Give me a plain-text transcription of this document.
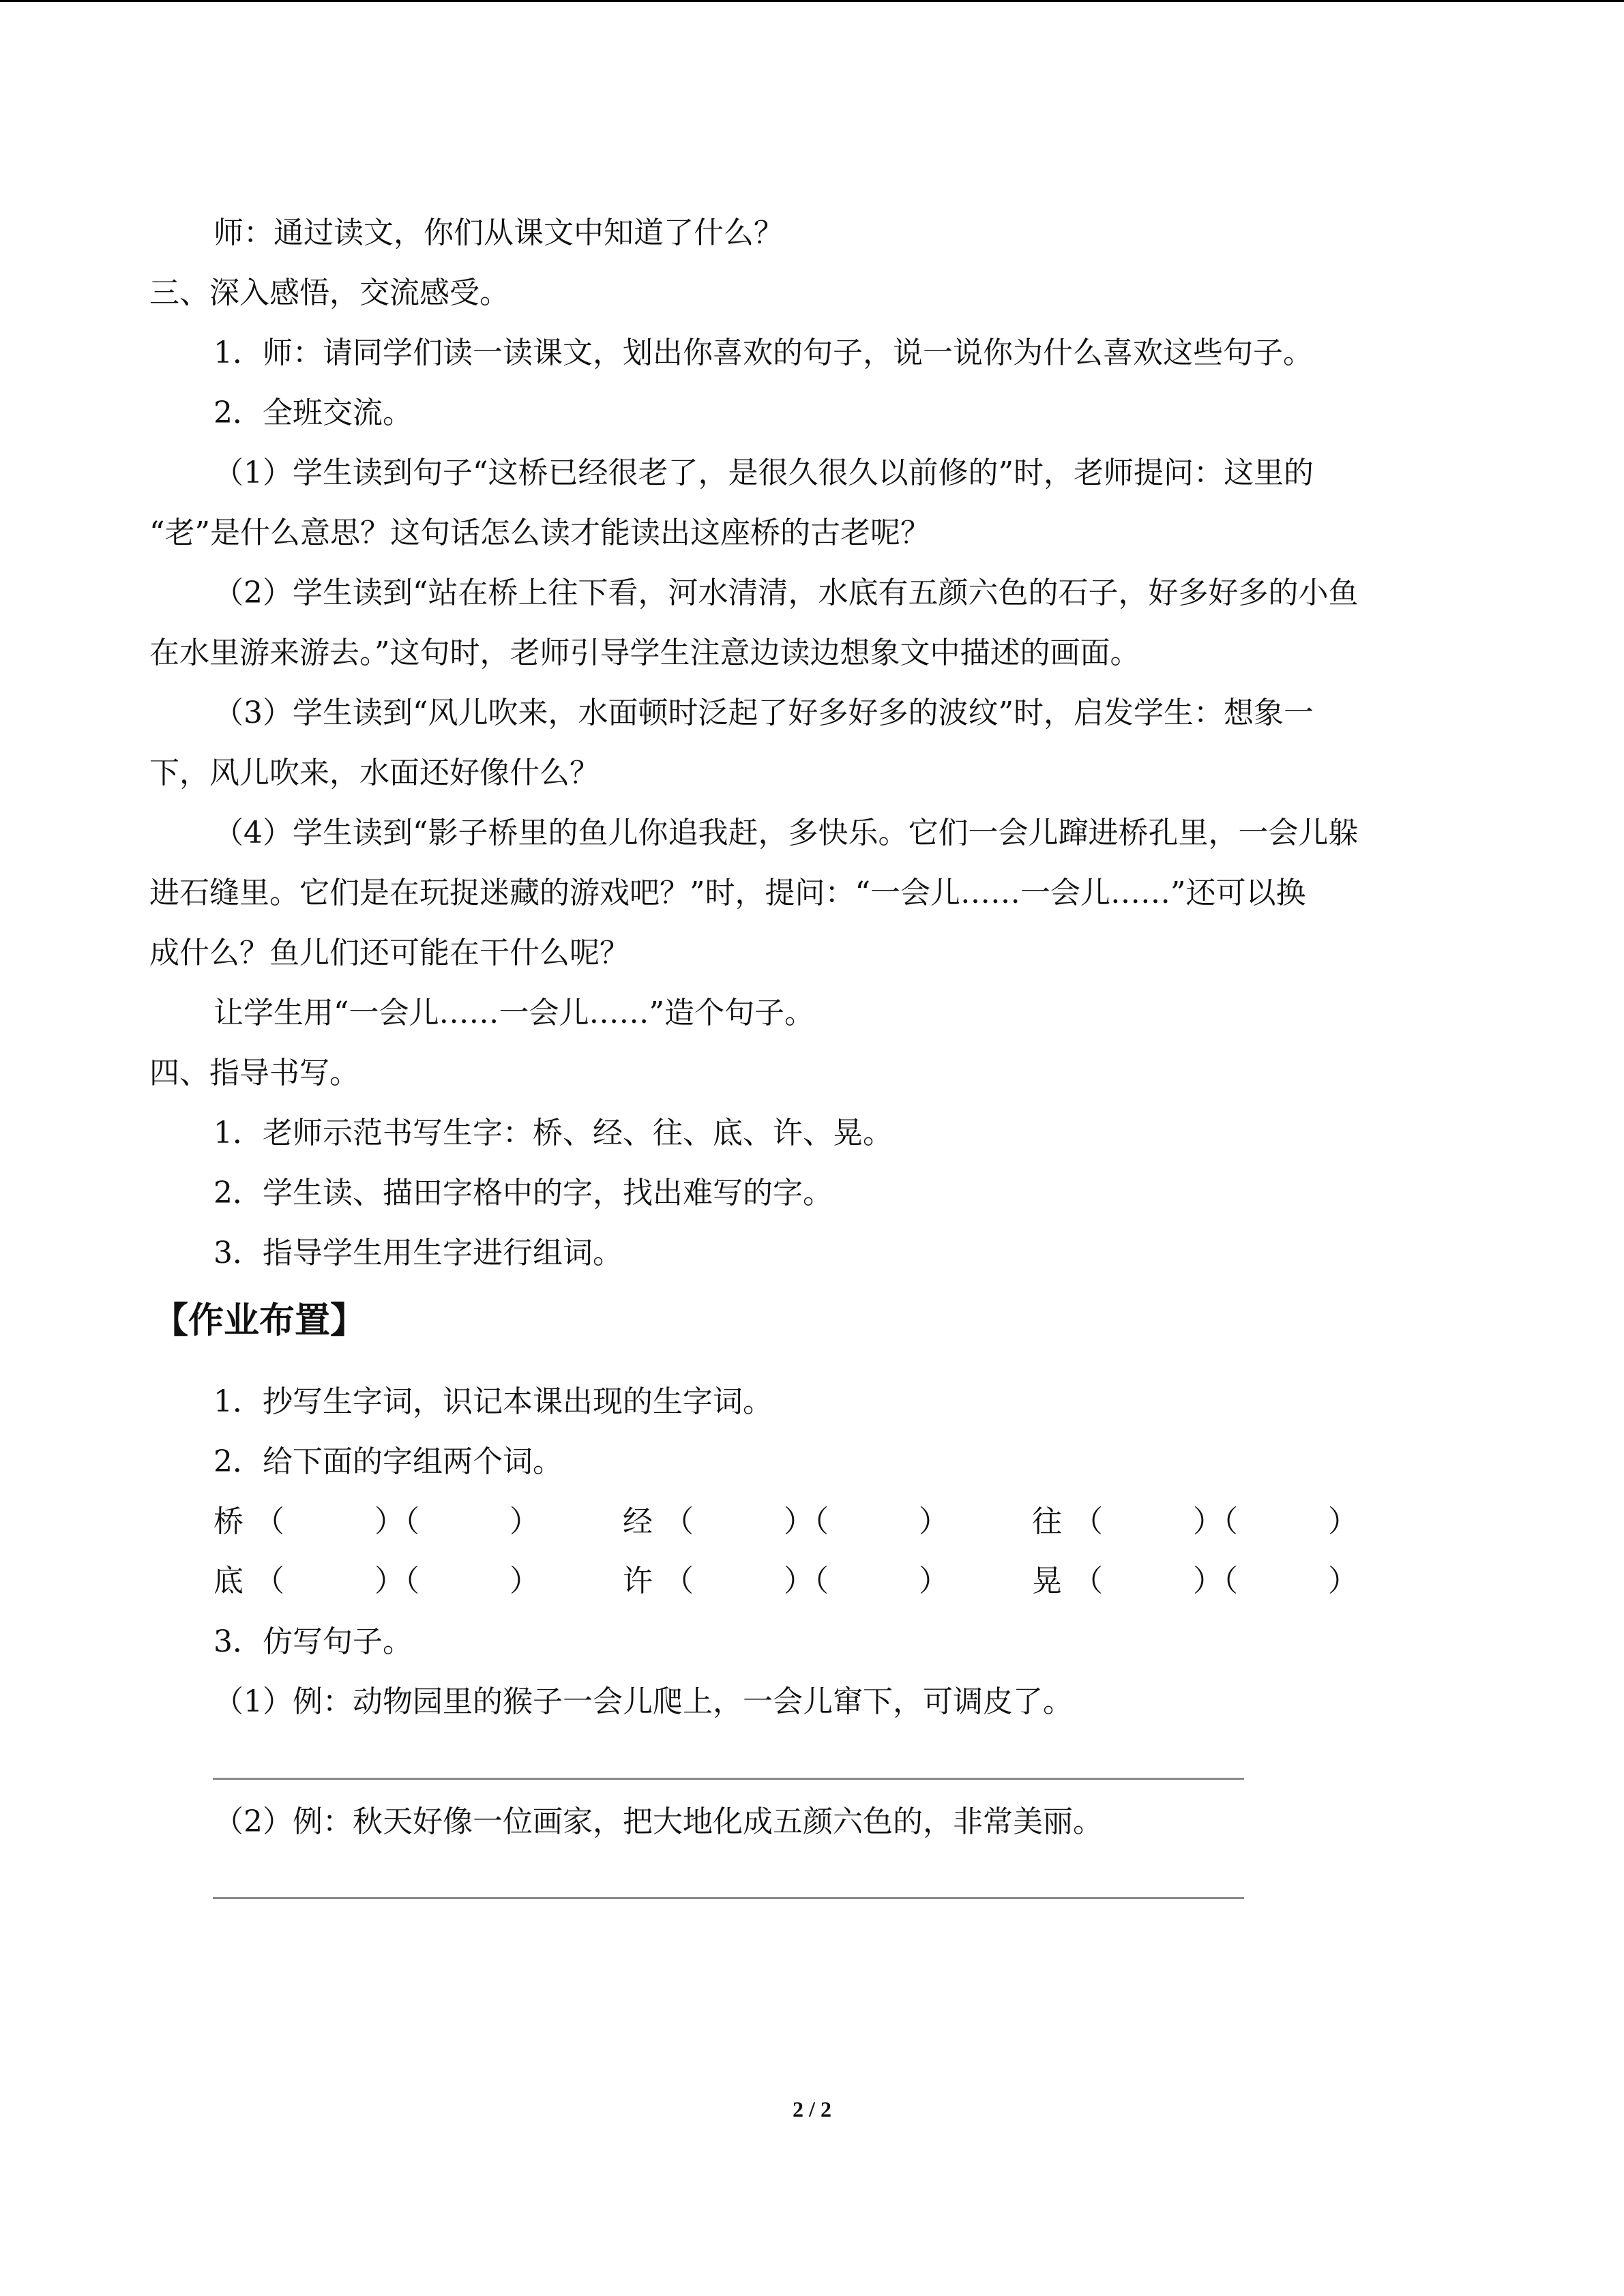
师：通过读文，你们从课文中知道了什么？
三、深入感悟，交流感受。
1．师：请同学们读一读课文，划出你喜欢的句子，说一说你为什么喜欢这些句子。
2．全班交流。
（1）学生读到句子“这桥已经很老了，是很久很久以前修的”时，老师提问：这里的
“老”是什么意思？这句话怎么读才能读出这座桥的古老呢？
（2）学生读到“站在桥上往下看，河水清清，水底有五颜六色的石子，好多好多的小鱼
在水里游来游去。”这句时，老师引导学生注意边读边想象文中描述的画面。
（3）学生读到“风儿吹来，水面顿时泛起了好多好多的波纹”时，启发学生：想象一
下，风儿吹来，水面还好像什么？
（4）学生读到“影子桥里的鱼儿你追我赶，多快乐。它们一会儿蹿进桥孔里，一会儿躲
进石缝里。它们是在玩捉迷藏的游戏吧？”时，提问：“一会儿……一会儿……”还可以换
成什么？鱼儿们还可能在干什么呢？
让学生用“一会儿……一会儿……”造个句子。
四、指导书写。
1．老师示范书写生字：桥、经、往、底、许、晃。
2．学生读、描田字格中的字，找出难写的字。
3．指导学生用生字进行组词。
【作业布置】
1．抄写生字词，识记本课出现的生字词。
2．给下面的字组两个词。
桥 （　　　）（　　　）	经 （　　　）（　　　）	往 （　　　）（　　　）
底 （　　　）（　　　）	许 （　　　）（　　　）	晃 （　　　）（　　　）
3．仿写句子。
（1）例：动物园里的猴子一会儿爬上，一会儿窜下，可调皮了。
（2）例：秋天好像一位画家，把大地化成五颜六色的，非常美丽。
2 / 2
